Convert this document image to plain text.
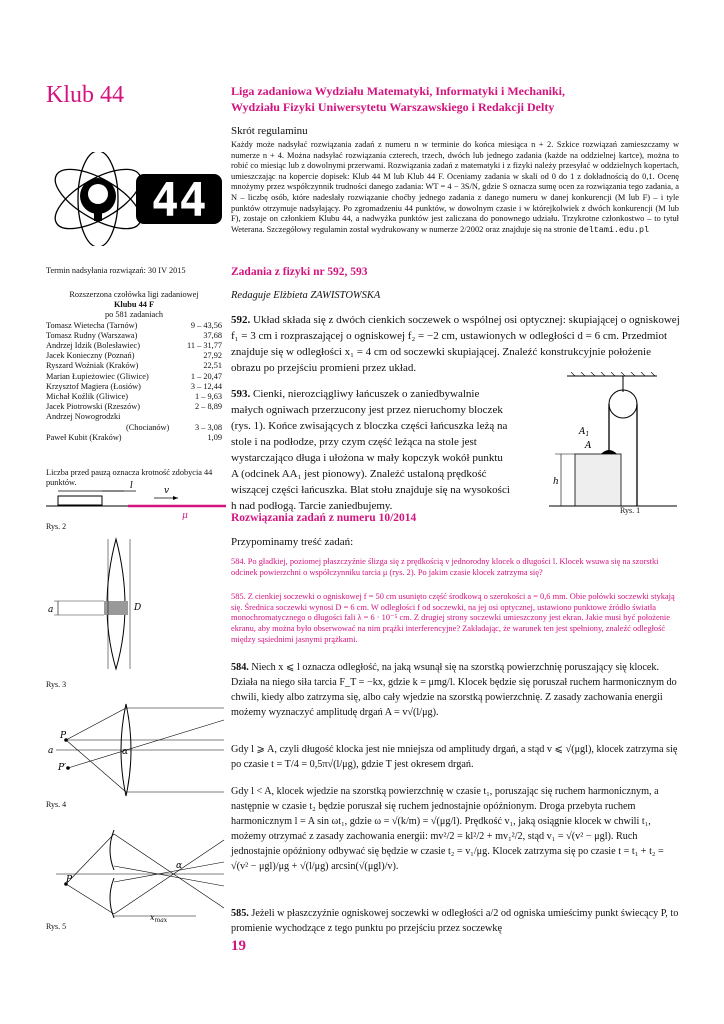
Klub 44	Liga zadaniowa Wydziału Matematyki, Informatyki i Mechaniki,
Wydziału Fizyki Uniwersytetu Warszawskiego i Redakcji Delty
44
Skrót regulaminu
Każdy może nadsyłać rozwiązania zadań z numeru n w terminie do końca miesiąca n + 2. Szkice rozwiązań zamieszczamy w numerze n + 4. Można nadsyłać rozwiązania czterech, trzech, dwóch lub jednego zadania (każde na oddzielnej kartce), można to robić co miesiąc lub z dowolnymi przerwami. Rozwiązania zadań z matematyki i z fizyki należy przesyłać w oddzielnych kopertach, umieszczając na kopercie dopisek: Klub 44 M lub Klub 44 F. Oceniamy zadania w skali od 0 do 1 z dokładnością do 0,1. Ocenę mnożymy przez współczynnik trudności danego zadania: WT = 4 − 3S/N, gdzie S oznacza sumę ocen za rozwiązania tego zadania, a N – liczbę osób, które nadesłały rozwiązanie choćby jednego zadania z danego numeru w danej konkurencji (M lub F) – i tyle punktów otrzymuje nadsyłający. Po zgromadzeniu 44 punktów, w dowolnym czasie i w którejkolwiek z dwóch konkurencji (M lub F), zostaje on członkiem Klubu 44, a nadwyżka punktów jest zaliczana do ponownego udziału. Trzykrotne członkostwo – to tytuł Weterana. Szczegółowy regulamin został wydrukowany w numerze 2/2002 oraz znajduje się na stronie deltami.edu.pl
Termin nadsyłania rozwiązań: 30 IV 2015
Rozszerzona czołówka ligi zadaniowej
Klubu 44 F
po 581 zadaniach
Tomasz Wietecha (Tarnów)	9 – 43,56
Tomasz Rudny (Warszawa)	37,68
Andrzej Idzik (Bolesławiec)	11 – 31,77
Jacek Konieczny (Poznań)	27,92
Ryszard Woźniak (Kraków)	22,51
Marian Łupieżowiec (Gliwice)	1 – 20,47
Krzysztof Magiera (Łosiów)	3 – 12,44
Michał Koźlik (Gliwice)	1 – 9,63
Jacek Piotrowski (Rzeszów)	2 – 8,89
Andrzej Nowogrodzki
(Chocianów)	3 – 3,08
Paweł Kubit (Kraków)	1,09
Liczba przed pauzą oznacza krotność zdobycia 44 punktów.	l	v
μ
Rys. 2
a	D
Rys. 3
P
P′
a	α
Rys. 4
P
α
$x_{max}$
Rys. 5
$A_1$
A
h
Rys. 1
Zadania z fizyki nr 592, 593
Redaguje Elżbieta ZAWISTOWSKA
592. Układ składa się z dwóch cienkich soczewek o wspólnej osi optycznej: skupiającej o ogniskowej f₁ = 3 cm i rozpraszającej o ogniskowej f₂ = −2 cm, ustawionych w odległości d = 6 cm. Przedmiot znajduje się w odległości x₁ = 4 cm od soczewki skupiającej. Znaleźć konstrukcyjnie położenie obrazu po przejściu promieni przez układ.
593. Cienki, nierozciągliwy łańcuszek o zaniedbywalnie małych ogniwach przerzucony jest przez nieruchomy bloczek (rys. 1). Końce zwisających z bloczka części łańcuszka leżą na stole i na podłodze, przy czym część leżąca na stole jest wystarczająco długa i ułożona w mały kopczyk wokół punktu A (odcinek AA₁ jest pionowy). Znaleźć ustaloną prędkość wiszącej części łańcuszka. Blat stołu znajduje się na wysokości h nad podłogą. Tarcie zaniedbujemy.
Rozwiązania zadań z numeru 10/2014
Przypominamy treść zadań:
584. Po gładkiej, poziomej płaszczyźnie ślizga się z prędkością v jednorodny klocek o długości l. Klocek wsuwa się na szorstki odcinek powierzchni o współczynniku tarcia μ (rys. 2). Po jakim czasie klocek zatrzyma się?
585. Z cienkiej soczewki o ogniskowej f = 50 cm usunięto część środkową o szerokości a = 0,6 mm. Obie połówki soczewki stykają się. Średnica soczewki wynosi D = 6 cm. W odległości f od soczewki, na jej osi optycznej, ustawiono punktowe źródło światła monochromatycznego o długości fali λ = 6 · 10⁻⁵ cm. Z drugiej strony soczewki umieszczony jest ekran. Jakie musi być położenie ekranu, aby można było obserwować na nim prążki interferencyjne? Zakładając, że warunek ten jest spełniony, znaleźć odległość między sąsiednimi jasnymi prążkami.
584. Niech x ⩽ l oznacza odległość, na jaką wsunął się na szorstką powierzchnię poruszający się klocek. Działa na niego siła tarcia F_T = −kx, gdzie k = μmg/l. Klocek będzie się poruszał ruchem harmonicznym do chwili, kiedy albo zatrzyma się, albo cały wjedzie na szorstką powierzchnię. Z zasady zachowania energii możemy wyznaczyć amplitudę drgań A = v√(l/μg).
Gdy l ⩾ A, czyli długość klocka jest nie mniejsza od amplitudy drgań, a stąd v ⩽ √(μgl), klocek zatrzyma się po czasie t = T/4 = 0,5π√(l/μg), gdzie T jest okresem drgań.
Gdy l < A, klocek wjedzie na szorstką powierzchnię w czasie t₁, poruszając się ruchem harmonicznym, a następnie w czasie t₂ będzie poruszał się ruchem jednostajnie opóźnionym. Droga przebyta ruchem harmonicznym l = A sin ωt₁, gdzie ω = √(k/m) = √(μg/l). Prędkość v₁, jaką osiągnie klocek w chwili t₁, możemy otrzymać z zasady zachowania energii: mv²/2 = kl²/2 + mv₁²/2, stąd v₁ = √(v² − μgl). Ruch jednostajnie opóźniony odbywać się będzie w czasie t₂ = v₁/μg. Klocek zatrzyma się po czasie t = t₁ + t₂ = √(v² − μgl)/μg + √(l/μg) arcsin(√(μgl)/v).
585. Jeżeli w płaszczyźnie ogniskowej soczewki w odległości a/2 od ogniska umieścimy punkt świecący P, to promienie wychodzące z tego punktu po przejściu przez soczewkę
19
